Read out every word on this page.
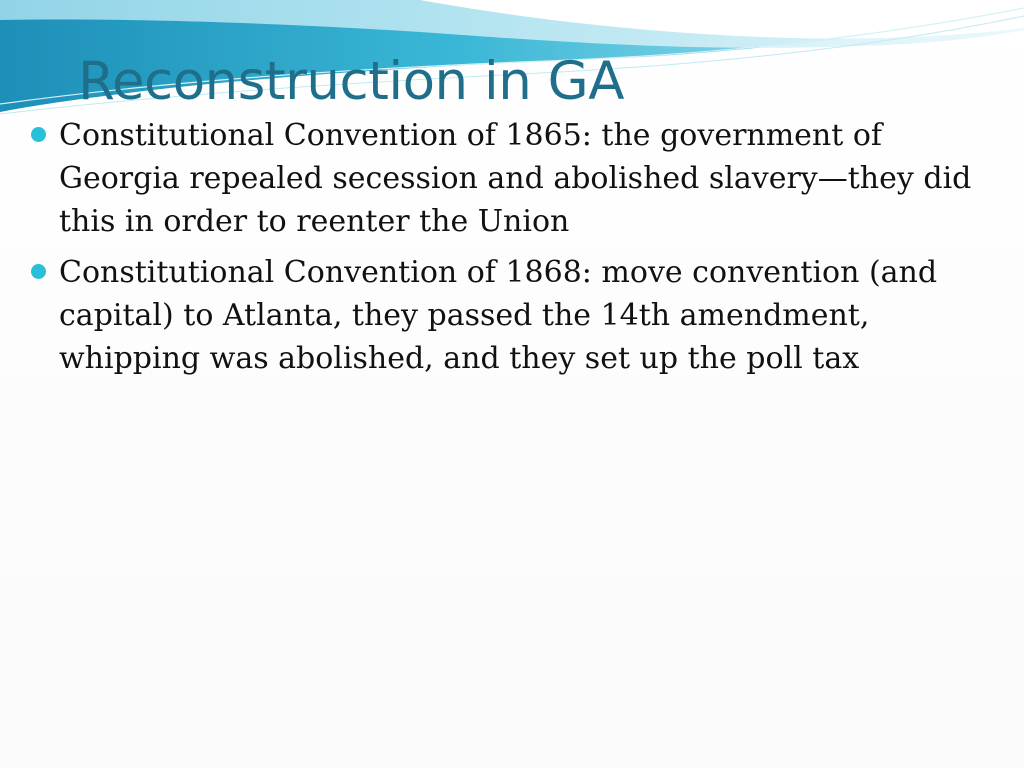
Reconstruction in GA
Constitutional Convention of 1865: the government of Georgia repealed secession and abolished slavery—they did this in order to reenter the Union
Constitutional Convention of 1868: move convention (and capital) to Atlanta, they passed the 14th amendment, whipping was abolished, and they set up the poll tax
